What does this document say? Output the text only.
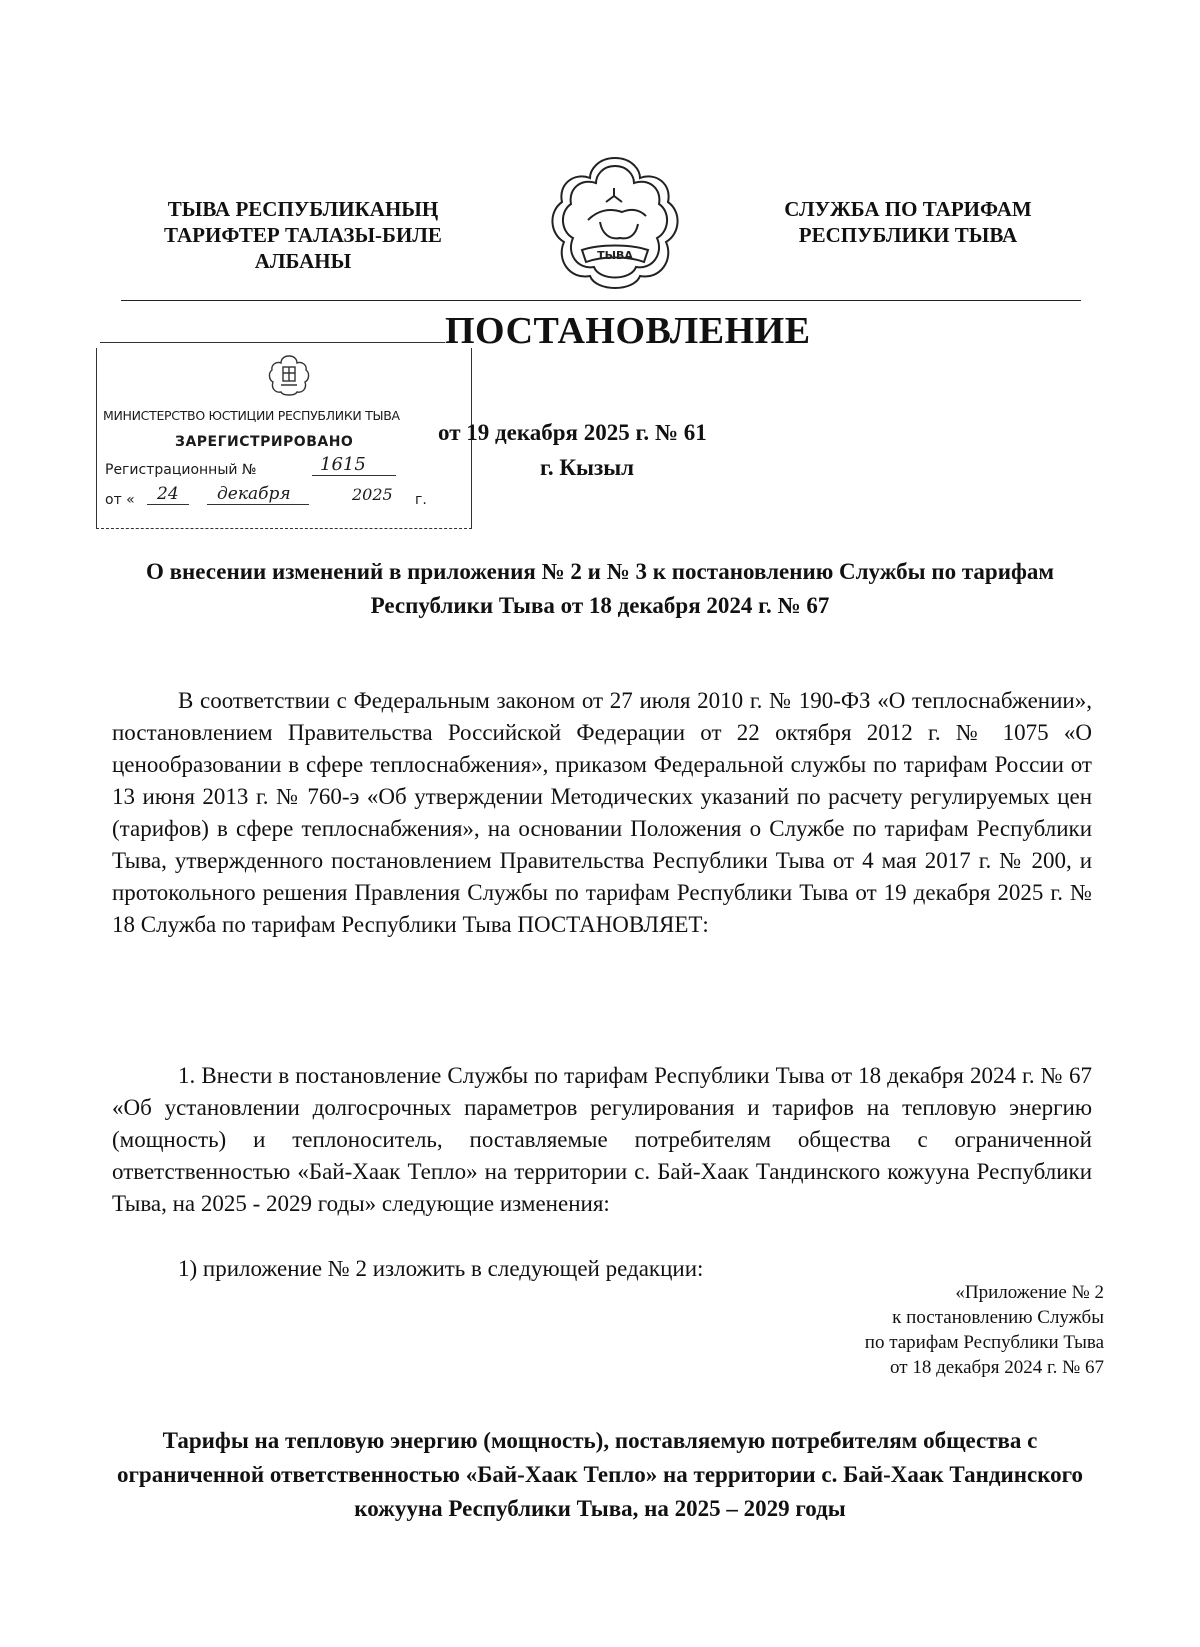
ТЫВА РЕСПУБЛИКАНЫҢ
ТАРИФТЕР ТАЛАЗЫ-БИЛЕ
АЛБАНЫ	ТЫВА
СЛУЖБА ПО ТАРИФАМ
РЕСПУБЛИКИ ТЫВА
ПОСТАНОВЛЕНИЕ
МИНИСТЕРСТВО ЮСТИЦИИ РЕСПУБЛИКИ ТЫВА
ЗАРЕГИСТРИРОВАНО
Регистрационный №	1615
от «	24	декабря	2025 г.
от 19 декабря 2025 г. № 61
г. Кызыл
О внесении изменений в приложения № 2 и № 3 к постановлению Службы по тарифам Республики Тыва от 18 декабря 2024 г. № 67
В соответствии с Федеральным законом от 27 июля 2010 г. № 190-ФЗ «О теплоснабжении», постановлением Правительства Российской Федерации от 22 октября 2012 г. № 1075 «О ценообразовании в сфере теплоснабжения», приказом Федеральной службы по тарифам России от 13 июня 2013 г. № 760-э «Об утверждении Методических указаний по расчету регулируемых цен (тарифов) в сфере теплоснабжения», на основании Положения о Службе по тарифам Республики Тыва, утвержденного постановлением Правительства Республики Тыва от 4 мая 2017 г. № 200, и протокольного решения Правления Службы по тарифам Республики Тыва от 19 декабря 2025 г. № 18 Служба по тарифам Республики Тыва ПОСТАНОВЛЯЕТ:
1. Внести в постановление Службы по тарифам Республики Тыва от 18 декабря 2024 г. № 67 «Об установлении долгосрочных параметров регулирования и тарифов на тепловую энергию (мощность) и теплоноситель, поставляемые потребителям общества с ограниченной ответственностью «Бай-Хаак Тепло» на территории с. Бай-Хаак Тандинского кожууна Республики Тыва, на 2025 - 2029 годы» следующие изменения:
1) приложение № 2 изложить в следующей редакции:
«Приложение № 2
к постановлению Службы
по тарифам Республики Тыва
от 18 декабря 2024 г. № 67
Тарифы на тепловую энергию (мощность), поставляемую потребителям общества с ограниченной ответственностью «Бай-Хаак Тепло» на территории с. Бай-Хаак Тандинского кожууна Республики Тыва, на 2025 – 2029 годы
